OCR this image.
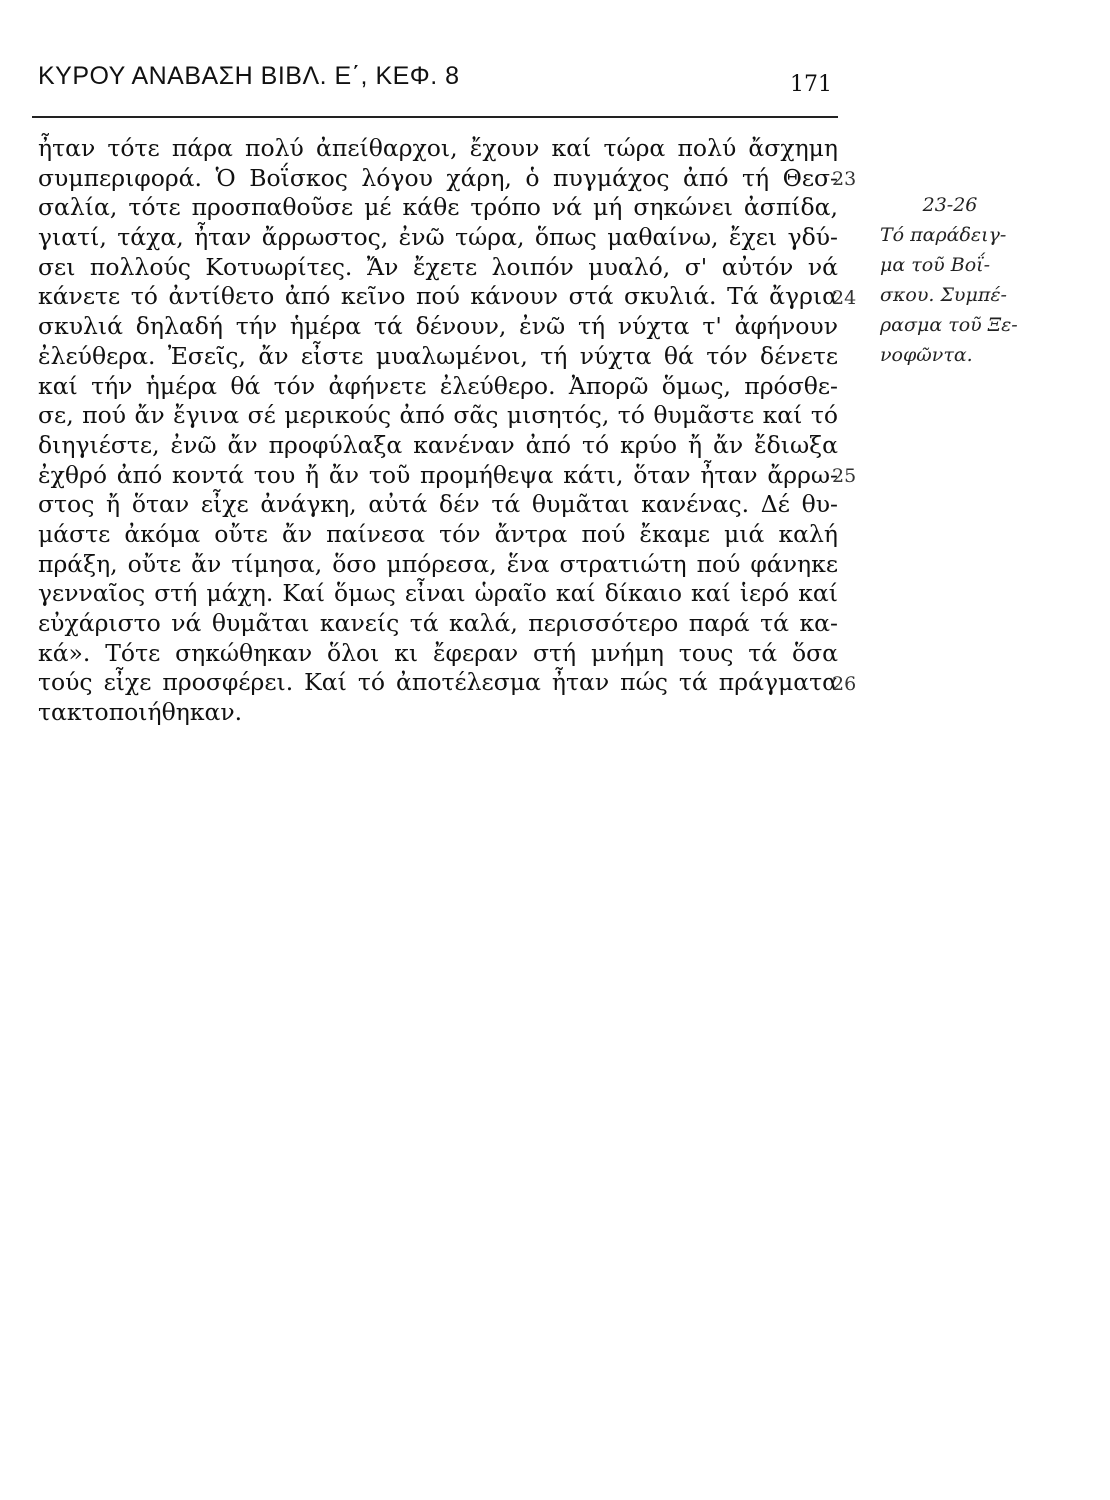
ΚΥΡΟΥ ΑΝΑΒΑΣΗ ΒΙΒΛ. Ε΄, ΚΕΦ. 8	171
ἦταν τότε πάρα πολύ ἀπείθαρχοι, ἔχουν καί τώρα πολύ ἄσχημη
συμπεριφορά. Ὁ Βοΐσκος λόγου χάρη, ὁ πυγμάχος ἀπό τή Θεσ-
σαλία, τότε προσπαθοῦσε μέ κάθε τρόπο νά μή σηκώνει ἀσπίδα,
γιατί, τάχα, ἦταν ἄρρωστος, ἐνῶ τώρα, ὅπως μαθαίνω, ἔχει γδύ-
σει πολλούς Κοτυωρίτες. Ἄν ἔχετε λοιπόν μυαλό, σ' αὐτόν νά
κάνετε τό ἀντίθετο ἀπό κεῖνο πού κάνουν στά σκυλιά. Τά ἄγρια
σκυλιά δηλαδή τήν ἡμέρα τά δένουν, ἐνῶ τή νύχτα τ' ἀφήνουν
ἐλεύθερα. Ἐσεῖς, ἄν εἶστε μυαλωμένοι, τή νύχτα θά τόν δένετε
καί τήν ἡμέρα θά τόν ἀφήνετε ἐλεύθερο. Ἀπορῶ ὅμως, πρόσθε-
σε, πού ἄν ἔγινα σέ μερικούς ἀπό σᾶς μισητός, τό θυμᾶστε καί τό
διηγιέστε, ἐνῶ ἄν προφύλαξα κανέναν ἀπό τό κρύο ἤ ἄν ἔδιωξα
ἐχθρό ἀπό κοντά του ἤ ἄν τοῦ προμήθεψα κάτι, ὅταν ἦταν ἄρρω-
στος ἤ ὅταν εἶχε ἀνάγκη, αὐτά δέν τά θυμᾶται κανένας. Δέ θυ-
μάστε ἀκόμα οὔτε ἄν παίνεσα τόν ἄντρα πού ἔκαμε μιά καλή
πράξη, οὔτε ἄν τίμησα, ὅσο μπόρεσα, ἕνα στρατιώτη πού φάνηκε
γενναῖος στή μάχη. Καί ὅμως εἶναι ὡραῖο καί δίκαιο καί ἱερό καί
εὐχάριστο νά θυμᾶται κανείς τά καλά, περισσότερο παρά τά κα-
κά». Τότε σηκώθηκαν ὅλοι κι ἔφεραν στή μνήμη τους τά ὅσα
τούς εἶχε προσφέρει. Καί τό ἀποτέλεσμα ἦταν πώς τά πράγματα
τακτοποιήθηκαν.
23
24
25
26
23-26
Τό παράδειγ-
μα τοῦ Βοΐ-
σκου. Συμπέ-
ρασμα τοῦ Ξε-
νοφῶντα.
